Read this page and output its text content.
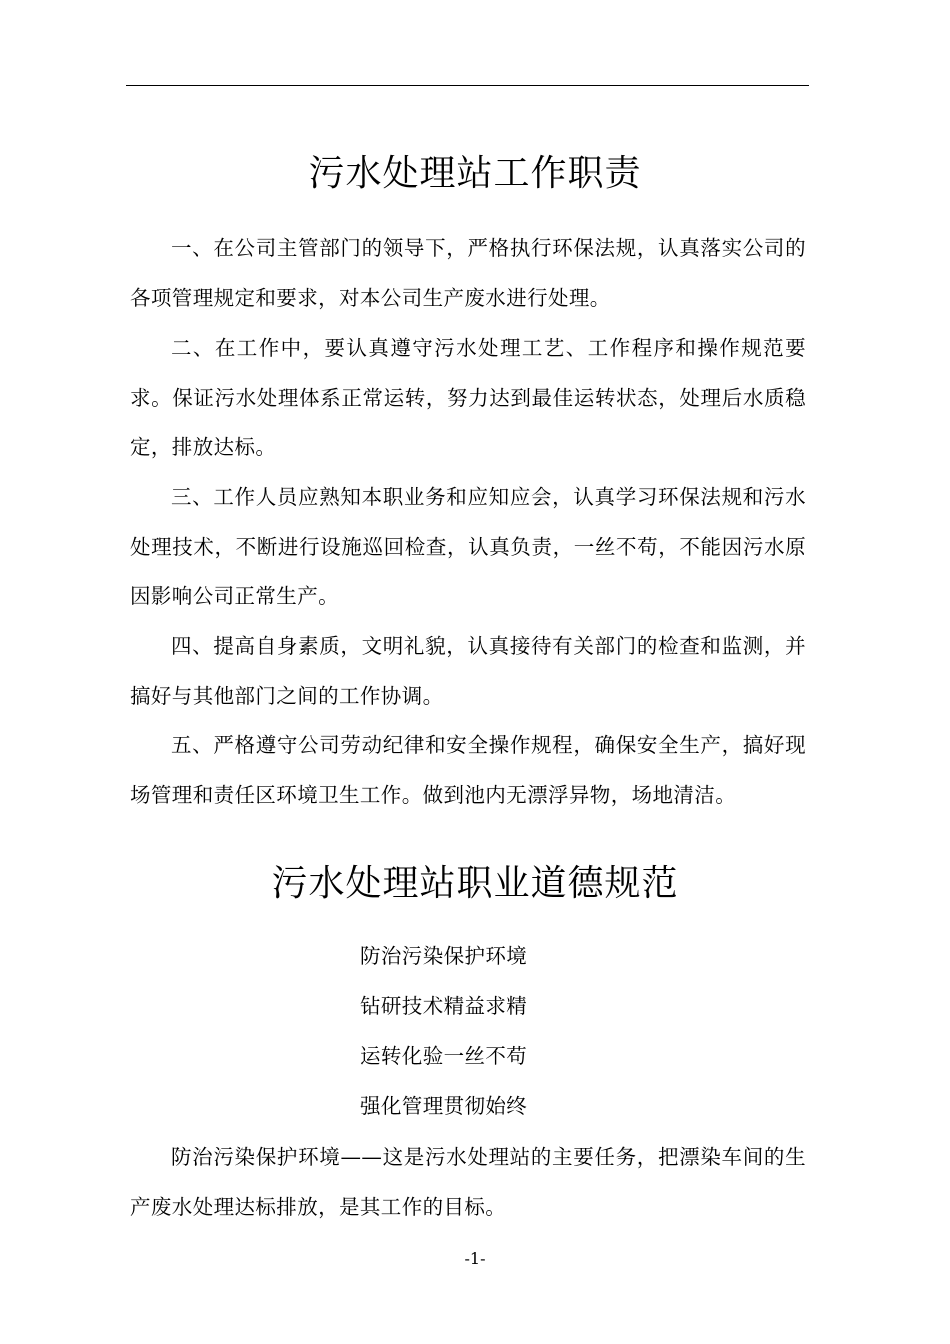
污水处理站工作职责

一、在公司主管部门的领导下，严格执行环保法规，认真落实公司的各项管理规定和要求，对本公司生产废水进行处理。

二、在工作中，要认真遵守污水处理工艺、工作程序和操作规范要求。保证污水处理体系正常运转，努力达到最佳运转状态，处理后水质稳定，排放达标。

三、工作人员应熟知本职业务和应知应会，认真学习环保法规和污水处理技术，不断进行设施巡回检查，认真负责，一丝不苟，不能因污水原因影响公司正常生产。

四、提高自身素质，文明礼貌，认真接待有关部门的检查和监测，并搞好与其他部门之间的工作协调。

五、严格遵守公司劳动纪律和安全操作规程，确保安全生产，搞好现场管理和责任区环境卫生工作。做到池内无漂浮异物，场地清洁。

污水处理站职业道德规范
防治污染保护环境
钻研技术精益求精
运转化验一丝不苟
强化管理贯彻始终

防治污染保护环境——这是污水处理站的主要任务，把漂染车间的生产废水处理达标排放，是其工作的目标。

-1-
